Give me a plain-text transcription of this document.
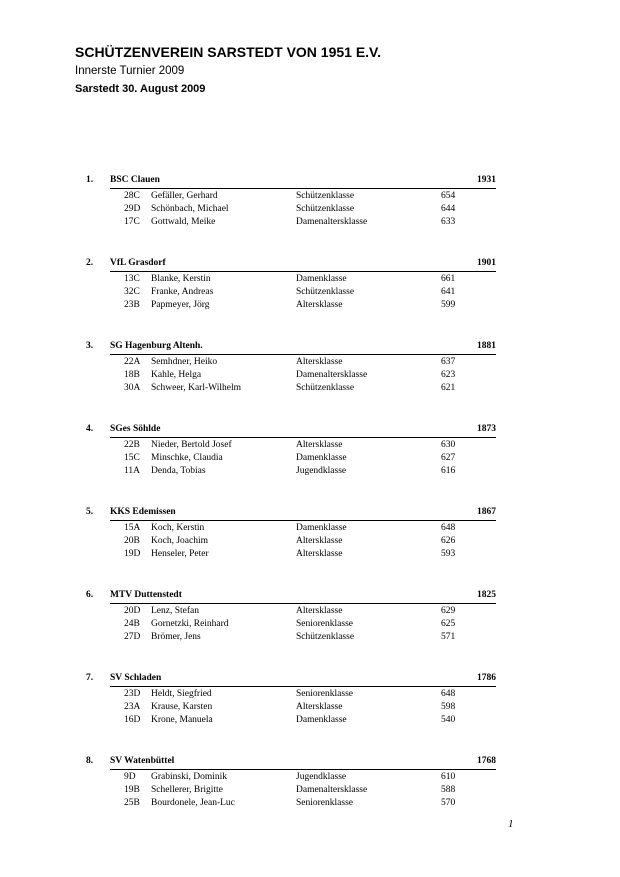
SCHÜTZENVEREIN SARSTEDT VON 1951 E.V.
Innerste Turnier 2009
Sarstedt 30. August 2009
1. BSC Clauen	1931
28C Gefäller, Gerhard	Schützenklasse	654
29D Schönbach, Michael	Schützenklasse	644
17C Gottwald, Meike	Damenaltersklasse	633
2. VfL Grasdorf	1901
13C Blanke, Kerstin	Damenklasse	661
32C Franke, Andreas	Schützenklasse	641
23B Papmeyer, Jörg	Altersklasse	599
3. SG Hagenburg Altenh.	1881
22A Semhdner, Heiko	Altersklasse	637
18B Kahle, Helga	Damenaltersklasse	623
30A Schweer, Karl-Wilhelm	Schützenklasse	621
4. SGes Söhlde	1873
22B Nieder, Bertold Josef	Altersklasse	630
15C Minschke, Claudia	Damenklasse	627
11A Denda, Tobias	Jugendklasse	616
5. KKS Edemissen	1867
15A Koch, Kerstin	Damenklasse	648
20B Koch, Joachim	Altersklasse	626
19D Henseler, Peter	Altersklasse	593
6. MTV Duttenstedt	1825
20D Lenz, Stefan	Altersklasse	629
24B Gornetzki, Reinhard	Seniorenklasse	625
27D Brömer, Jens	Schützenklasse	571
7. SV Schladen	1786
23D Heldt, Siegfried	Seniorenklasse	648
23A Krause, Karsten	Altersklasse	598
16D Krone, Manuela	Damenklasse	540
8. SV Watenbüttel	1768
9D Grabinski, Dominik	Jugendklasse	610
19B Schellerer, Brigitte	Damenaltersklasse	588
25B Bourdonele, Jean-Luc	Seniorenklasse	570
1
